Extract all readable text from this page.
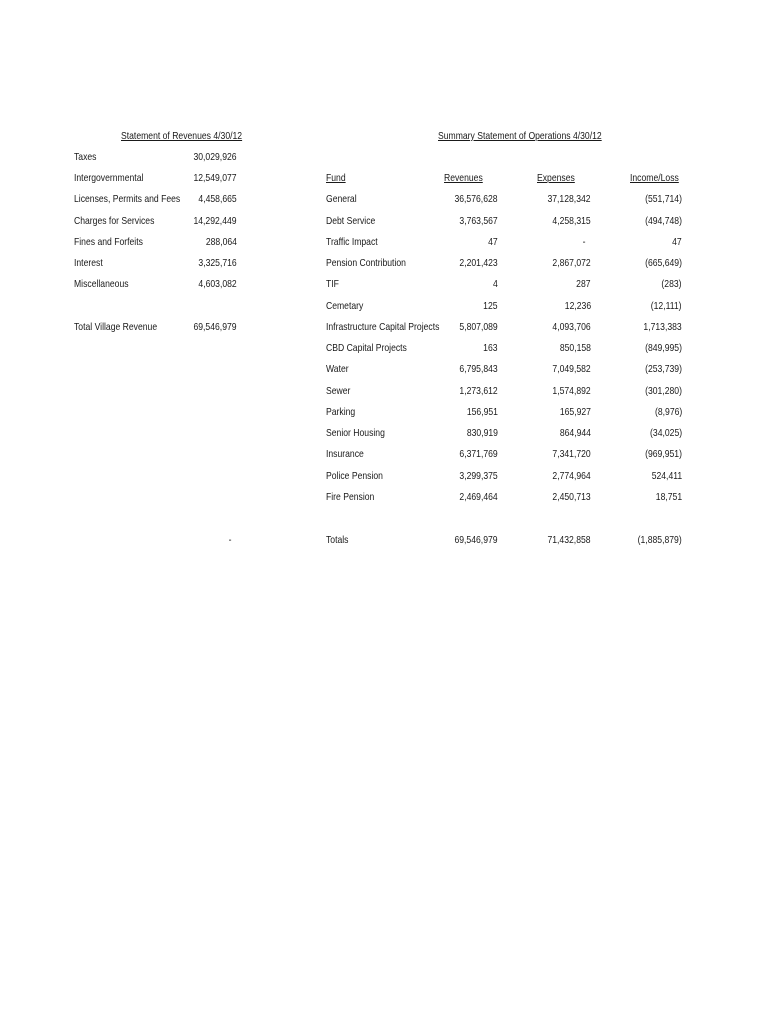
Statement of Revenues 4/30/12
Taxes	30,029,926
Intergovernmental	12,549,077
Licenses, Permits and Fees 4,458,665
Charges for Services	14,292,449
Fines and Forfeits	288,064
Interest	3,325,716
Miscellaneous	4,603,082
Total Village Revenue	69,546,979
-
Summary Statement of Operations 4/30/12
Fund	Revenues	Expenses	Income/Loss
General	36,576,628	37,128,342	(551,714)
Debt Service	3,763,567	4,258,315	(494,748)
Traffic Impact	47	-	47
Pension Contribution	2,201,423	2,867,072	(665,649)
TIF	4	287	(283)
Cemetary	125	12,236	(12,111)
Infrastructure Capital Projects 5,807,089	4,093,706	1,713,383
CBD Capital Projects	163	850,158	(849,995)
Water	6,795,843	7,049,582	(253,739)
Sewer	1,273,612	1,574,892	(301,280)
Parking	156,951	165,927	(8,976)
Senior Housing	830,919	864,944	(34,025)
Insurance	6,371,769	7,341,720	(969,951)
Police Pension	3,299,375	2,774,964	524,411
Fire Pension	2,469,464	2,450,713	18,751
Totals	69,546,979	71,432,858	(1,885,879)
